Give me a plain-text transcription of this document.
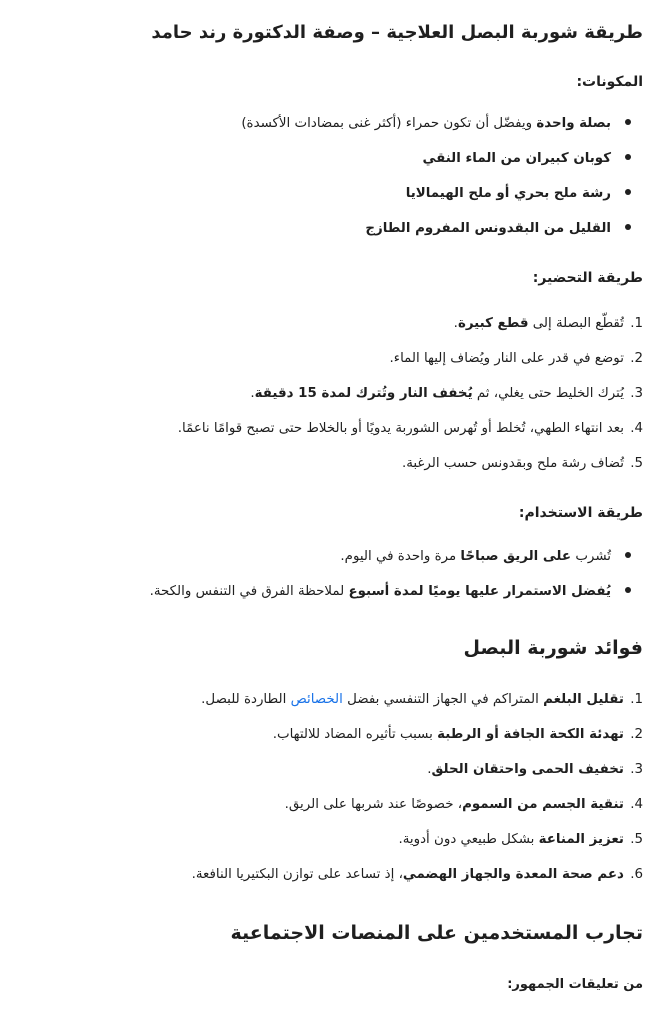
طريقة شوربة البصل العلاجية – وصفة الدكتورة رند حامد
المكونات:
بصلة واحدة ويفضّل أن تكون حمراء (أكثر غنى بمضادات الأكسدة)
كوبان كبيران من الماء النقي
رشة ملح بحري أو ملح الهيمالايا
القليل من البقدونس المفروم الطازج
طريقة التحضير:
1. تُقطّع البصلة إلى قطع كبيرة.
2. توضع في قدر على النار ويُضاف إليها الماء.
3. يُترك الخليط حتى يغلي، ثم يُخفف النار وتُترك لمدة 15 دقيقة.
4. بعد انتهاء الطهي، تُخلط أو تُهرس الشوربة يدويًا أو بالخلاط حتى تصبح قوامًا ناعمًا.
5. تُضاف رشة ملح وبقدونس حسب الرغبة.
طريقة الاستخدام:
تُشرب على الريق صباحًا مرة واحدة في اليوم.
يُفضل الاستمرار عليها يوميًا لمدة أسبوع لملاحظة الفرق في التنفس والكحة.
فوائد شوربة البصل
1. تقليل البلغم المتراكم في الجهاز التنفسي بفضل الخصائص الطاردة للبصل.
2. تهدئة الكحة الجافة أو الرطبة بسبب تأثيره المضاد للالتهاب.
3. تخفيف الحمى واحتقان الحلق.
4. تنقية الجسم من السموم، خصوصًا عند شربها على الريق.
5. تعزيز المناعة بشكل طبيعي دون أدوية.
6. دعم صحة المعدة والجهاز الهضمي، إذ تساعد على توازن البكتيريا النافعة.
تجارب المستخدمين على المنصات الاجتماعية
من تعليقات الجمهور:
